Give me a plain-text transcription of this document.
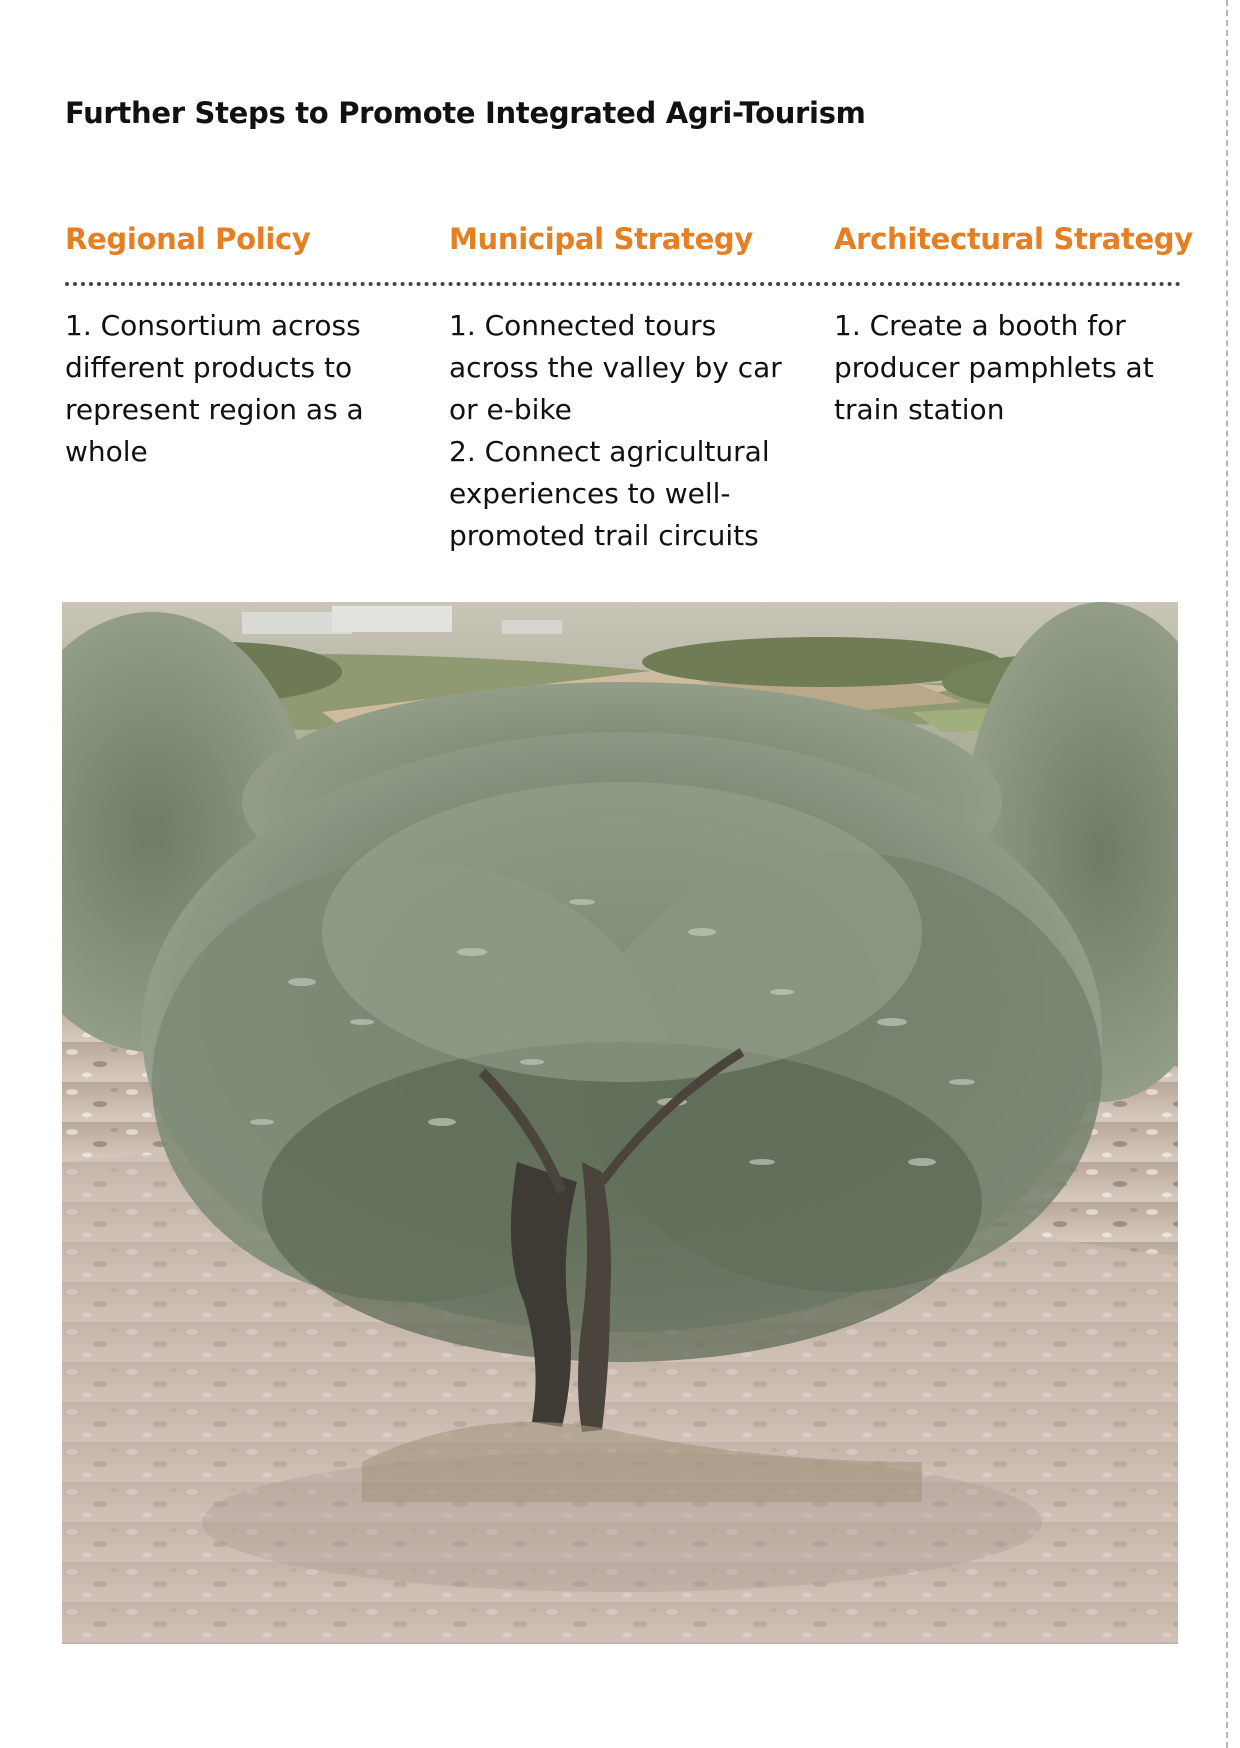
Further Steps to Promote Integrated Agri-Tourism
Regional Policy	Municipal Strategy	Architectural Strategy
1. Consortium across different products to represent region as a whole
1. Connected tours across the valley by car or e-bike
2. Connect agricultural experiences to well-promoted trail circuits
1. Create a booth for producer pamphlets at train station
